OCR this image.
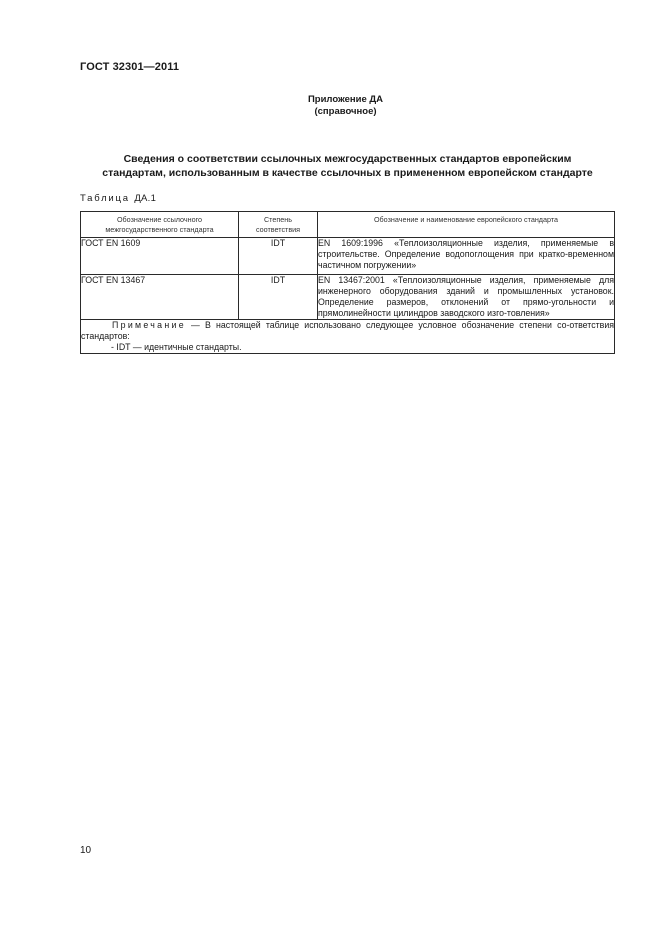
ГОСТ 32301—2011
Приложение ДА
(справочное)
Сведения о соответствии ссылочных межгосударственных стандартов европейским
стандартам, использованным в качестве ссылочных в примененном европейском стандарте
Таблица ДА.1
Обозначение ссылочного межгосударственного стандарта	Степень соответствия	Обозначение и наименование европейского стандарта
ГОСТ EN 1609	IDT	EN 1609:1996 «Теплоизоляционные изделия, применяемые в строительстве. Определение водопоглощения при кратко-временном частичном погружении»
ГОСТ EN 13467	IDT	EN 13467:2001 «Теплоизоляционные изделия, применяемые для инженерного оборудования зданий и промышленных установок. Определение размеров, отклонений от прямо-угольности и прямолинейности цилиндров заводского изго-товления»

Примечание — В настоящей таблице использовано следующее условное обозначение степени со-ответствия стандартов:
- IDT — идентичные стандарты.		
10
